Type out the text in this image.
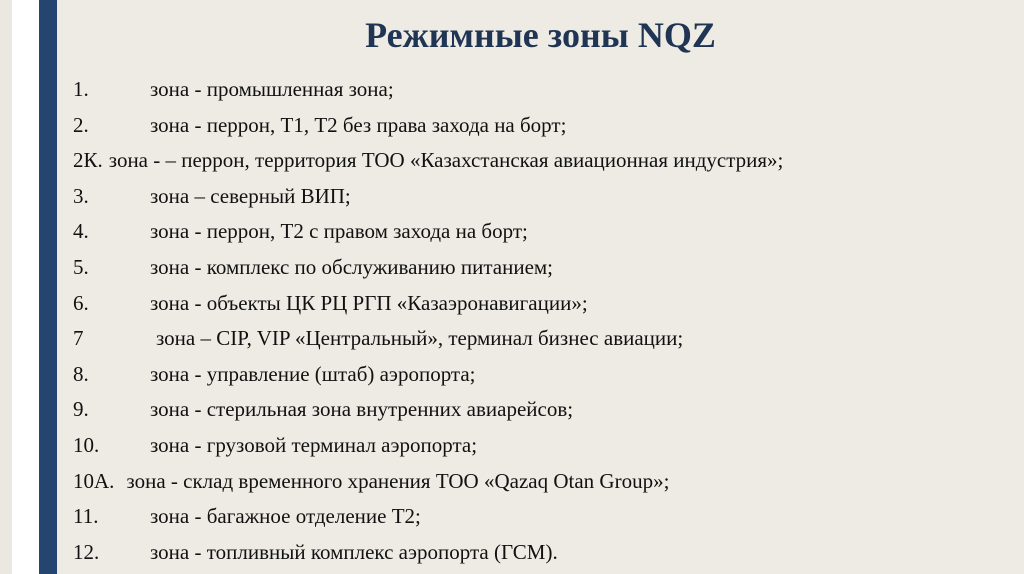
Режимные зоны NQZ
1.	зона - промышленная зона;
2.	зона - перрон, Т1, Т2 без права захода на борт;
2К. зона - – перрон, территория ТОО «Казахстанская авиационная индустрия»;
3.	зона – северный ВИП;
4.	зона - перрон, Т2 с правом захода на борт;
5.	зона - комплекс по обслуживанию питанием;
6.	зона - объекты ЦК РЦ РГП «Казаэронавигации»;
7	зона – CIP, VIP «Центральный», терминал бизнес авиации;
8.	зона - управление (штаб) аэропорта;
9.	зона - стерильная зона внутренних авиарейсов;
10.	зона - грузовой терминал аэропорта;
10А. зона - склад временного хранения ТОО «Qazaq Otan Group»;
11.	зона - багажное отделение Т2;
12.	зона - топливный комплекс аэропорта (ГСМ).
